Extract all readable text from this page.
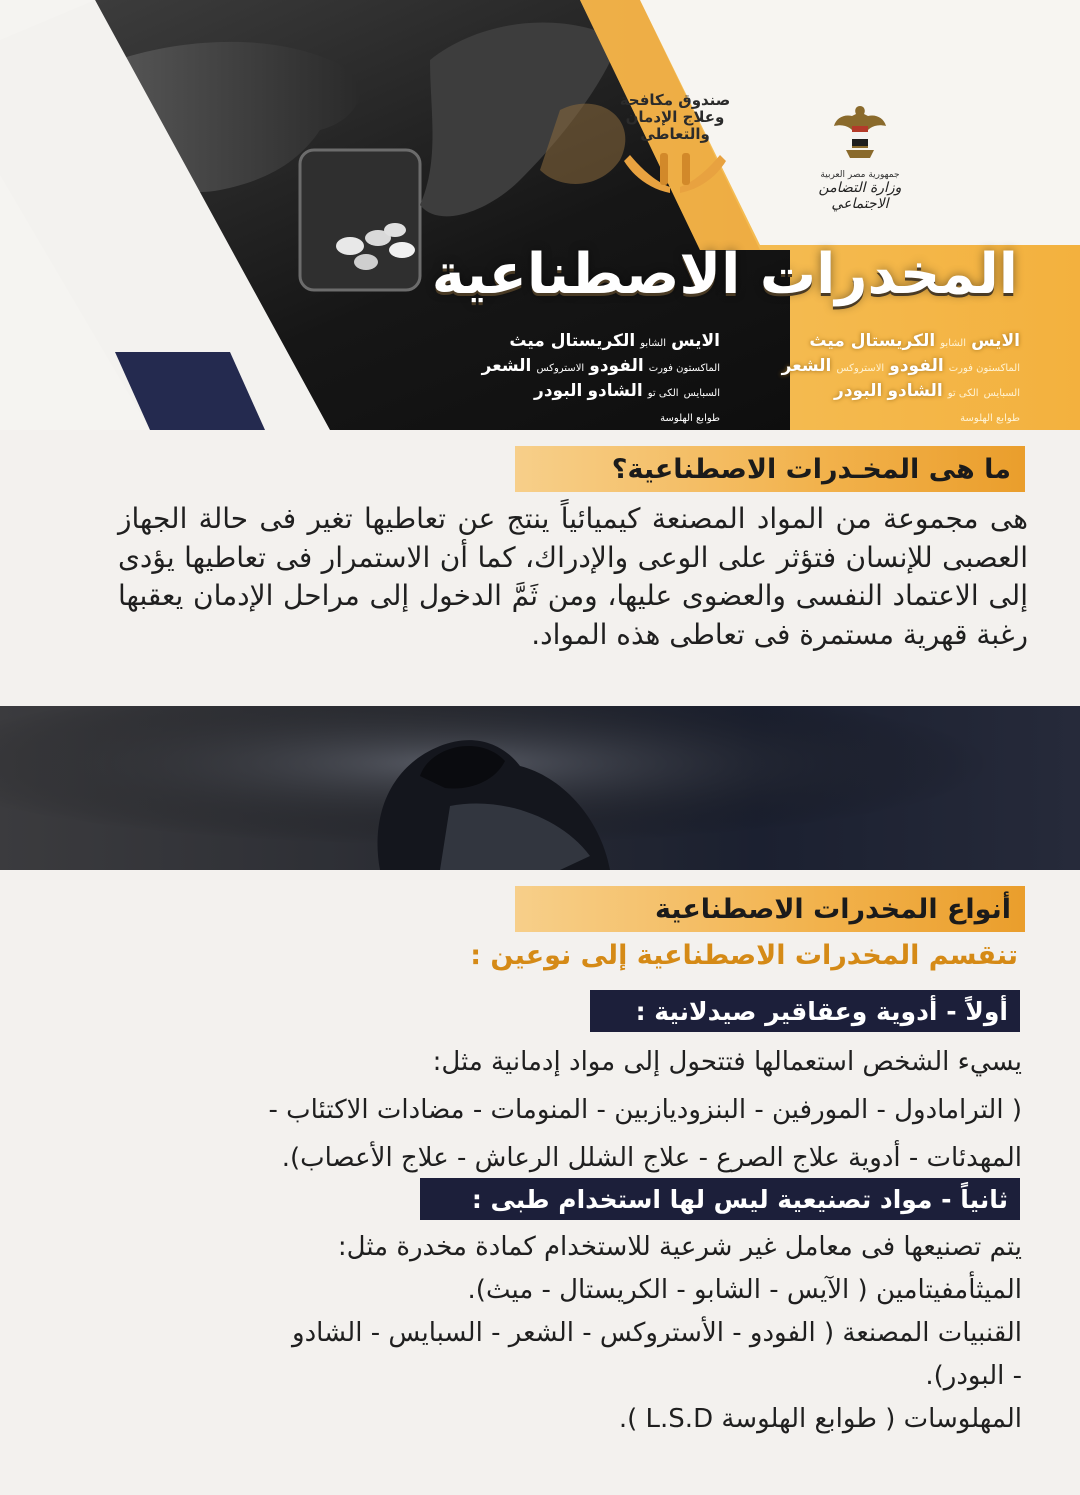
صندوق مكافحة
وعلاج الإدمان
والتعاطى
جمهورية مصر العربية
وزارة التضامن الاجتماعي
المخدرات الاصطناعية
الايس الشابو الكريستال ميث
الماكستون فورت الفودو الاستروكس الشعر
السبايس الكى تو الشادو البودر
طوابع الهلوسة
الايس الشابو الكريستال ميث
الماكستون فورت الفودو الاستروكس الشعر
السبايس الكى تو الشادو البودر
طوابع الهلوسة
ما هى المخـدرات الاصطناعية؟

هى مجموعة من المواد المصنعة كيميائياً ينتج عن تعاطيها تغير فى حالة الجهاز العصبى للإنسان فتؤثر على الوعى والإدراك، كما أن الاستمرار فى تعاطيها يؤدى إلى الاعتماد النفسى والعضوى عليها، ومن ثَمَّ الدخول إلى مراحل الإدمان يعقبها رغبة قهرية مستمرة فى تعاطى هذه المواد.

أنواع المخدرات الاصطناعية
تنقسم المخدرات الاصطناعية إلى نوعين :
أولاً - أدوية وعقاقير صيدلانية :
يسيء الشخص استعمالها فتتحول إلى مواد إدمانية مثل:
( الترامادول - المورفين - البنزوديازبين - المنومات - مضادات الاكتئاب -
المهدئات - أدوية علاج الصرع - علاج الشلل الرعاش - علاج الأعصاب).
ثانياً - مواد تصنيعية ليس لها استخدام طبى :
يتم تصنيعها فى معامل غير شرعية للاستخدام كمادة مخدرة مثل:
الميثأمفيتامين ( الآيس - الشابو - الكريستال - ميث).
القنبيات المصنعة ( الفودو - الأستروكس - الشعر - السبايس - الشادو
- البودر).
المهلوسات ( طوابع الهلوسة L.S.D ).
